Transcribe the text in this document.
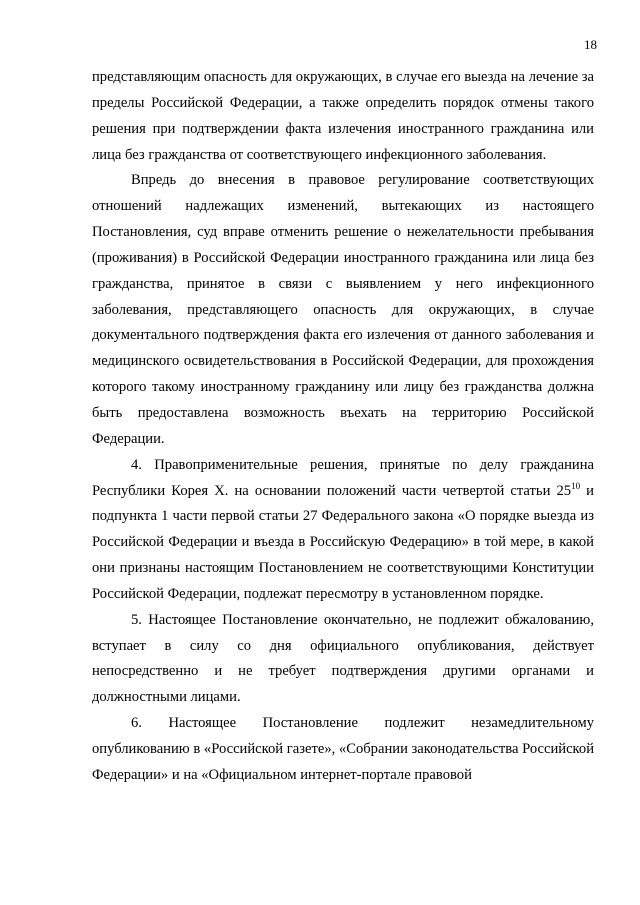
18

представляющим опасность для окружающих, в случае его выезда на лечение за пределы Российской Федерации, а также определить порядок отмены такого решения при подтверждении факта излечения иностранного гражданина или лица без гражданства от соответствующего инфекционного заболевания.

Впредь до внесения в правовое регулирование соответствующих отношений надлежащих изменений, вытекающих из настоящего Постановления, суд вправе отменить решение о нежелательности пребывания (проживания) в Российской Федерации иностранного гражданина или лица без гражданства, принятое в связи с выявлением у него инфекционного заболевания, представляющего опасность для окружающих, в случае документального подтверждения факта его излечения от данного заболевания и медицинского освидетельствования в Российской Федерации, для прохождения которого такому иностранному гражданину или лицу без гражданства должна быть предоставлена возможность въехать на территорию Российской Федерации.

4. Правоприменительные решения, принятые по делу гражданина Республики Корея Х. на основании положений части четвертой статьи $25^{10}$ и подпункта 1 части первой статьи 27 Федерального закона «О порядке выезда из Российской Федерации и въезда в Российскую Федерацию» в той мере, в какой они признаны настоящим Постановлением не соответствующими Конституции Российской Федерации, подлежат пересмотру в установленном порядке.

5. Настоящее Постановление окончательно, не подлежит обжалованию, вступает в силу со дня официального опубликования, действует непосредственно и не требует подтверждения другими органами и должностными лицами.

6. Настоящее Постановление подлежит незамедлительному опубликованию в «Российской газете», «Собрании законодательства Российской Федерации» и на «Официальном интернет-портале правовой
